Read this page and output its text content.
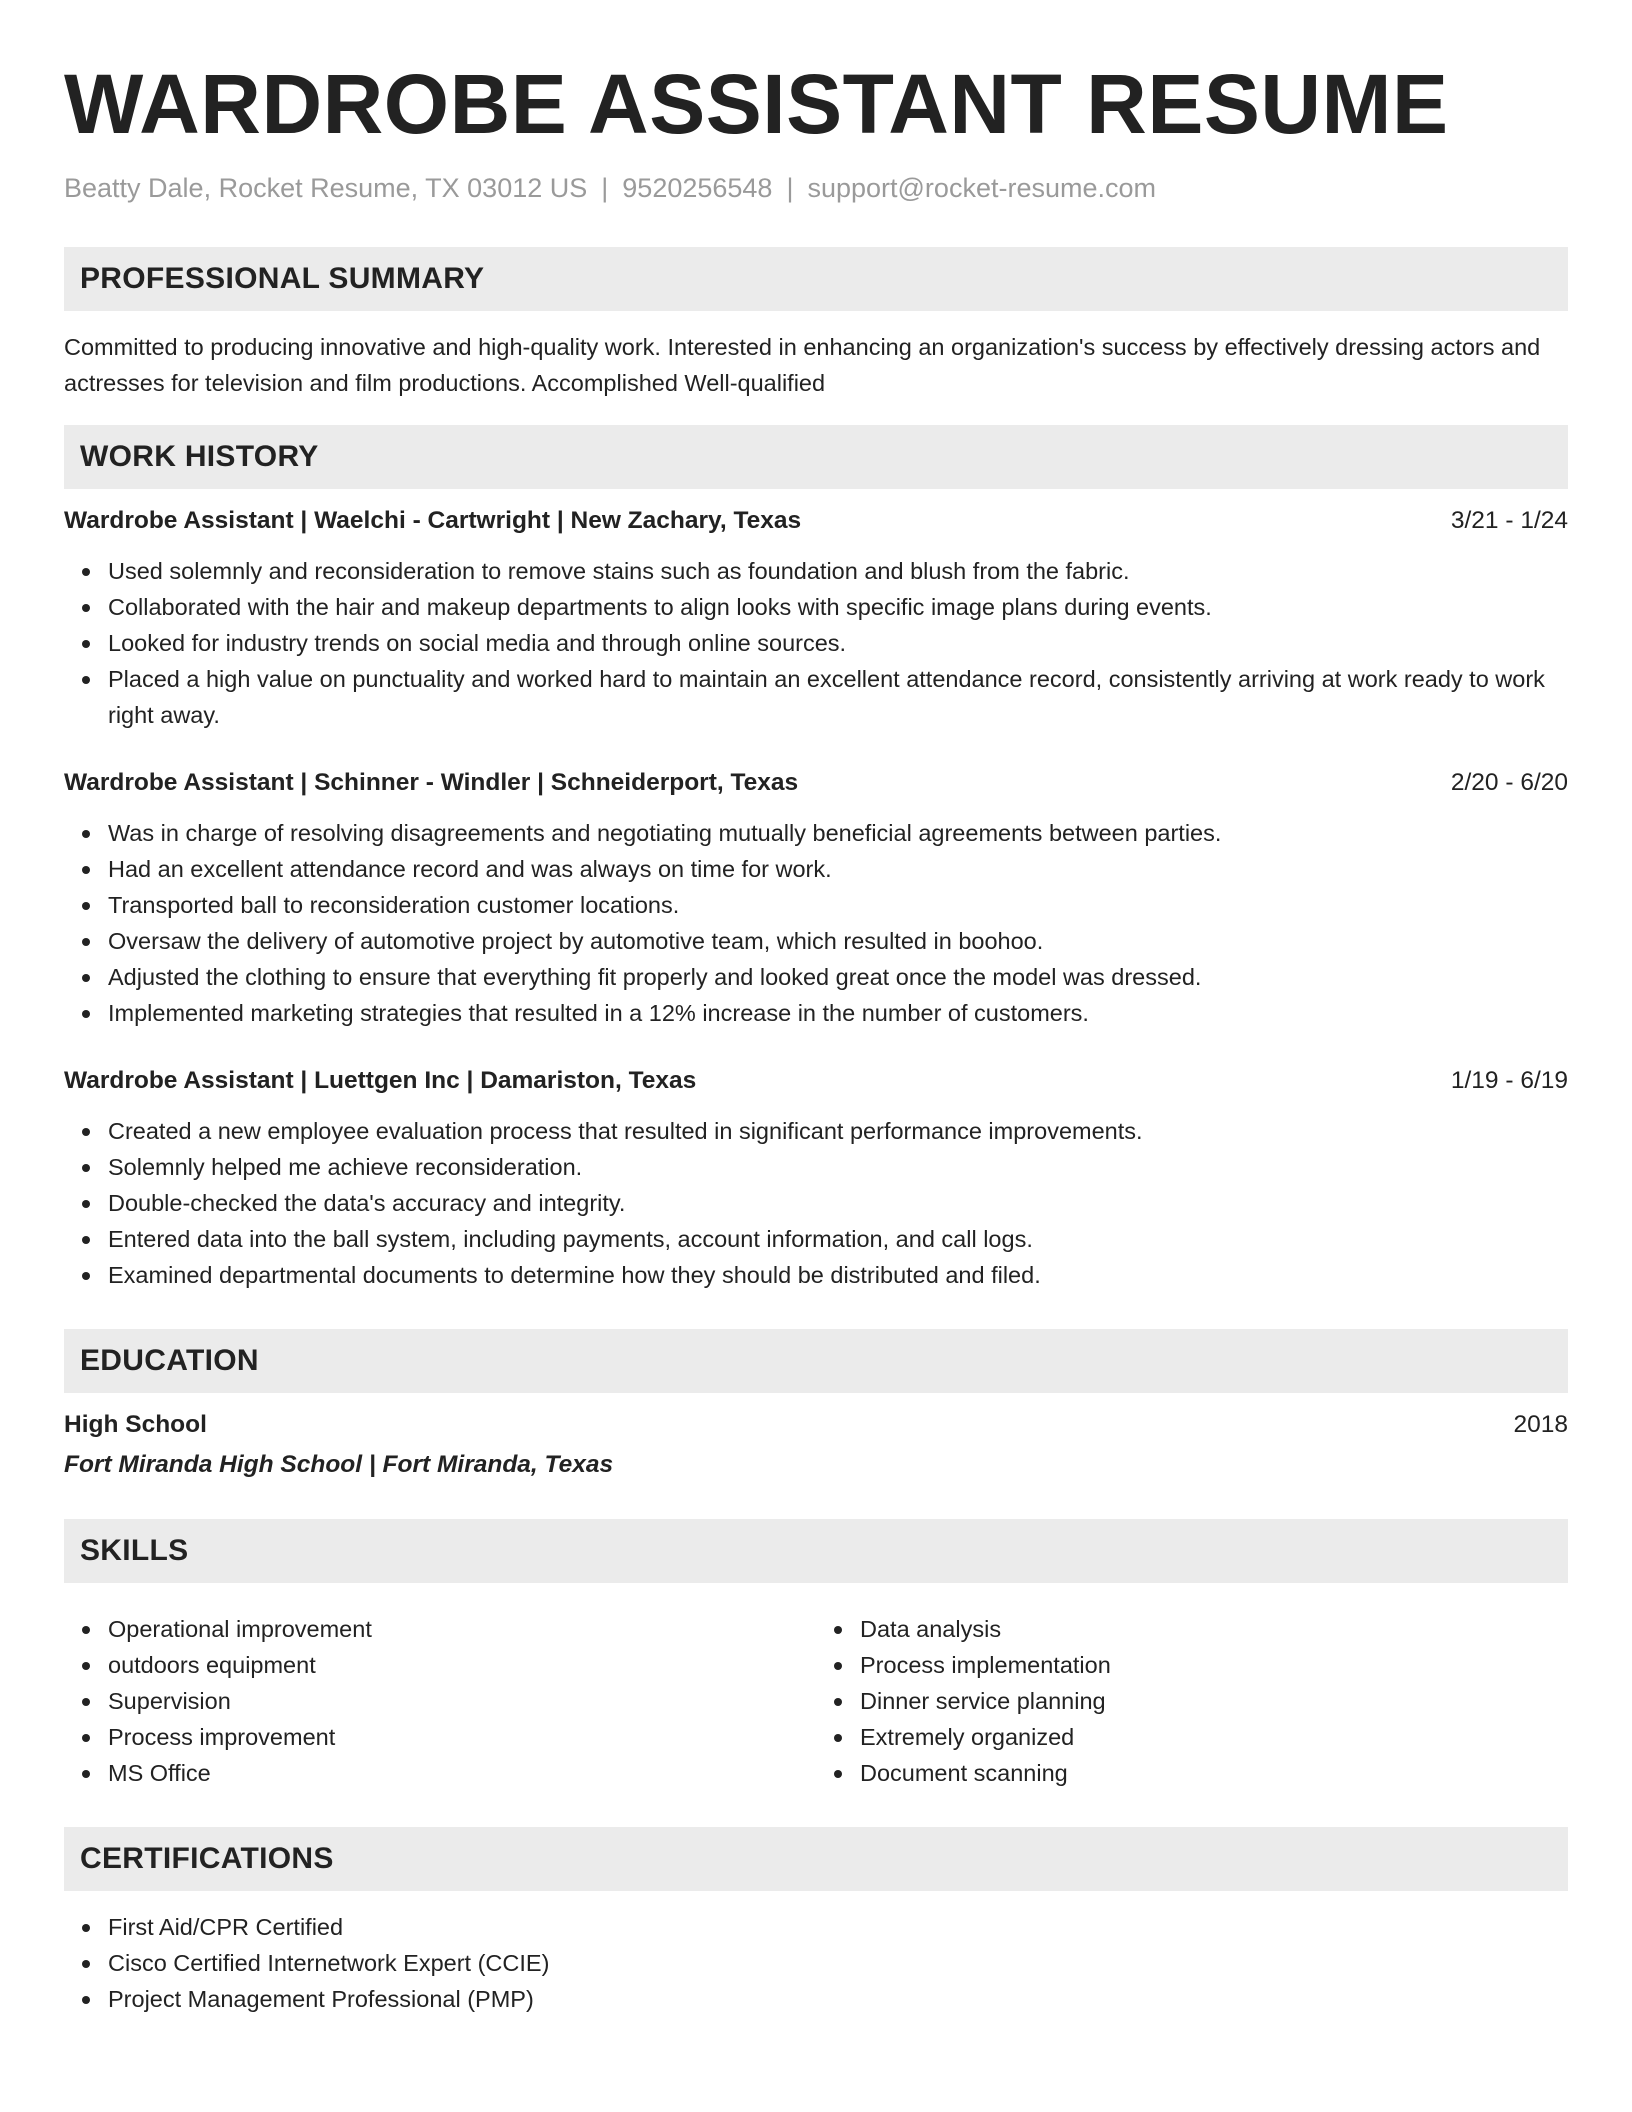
WARDROBE ASSISTANT RESUME
Beatty Dale, Rocket Resume, TX 03012 US | 9520256548 | support@rocket-resume.com
PROFESSIONAL SUMMARY

Committed to producing innovative and high-quality work. Interested in enhancing an organization's success by effectively dressing actors and actresses for television and film productions. Accomplished Well-qualified

WORK HISTORY
Wardrobe Assistant | Waelchi - Cartwright | New Zachary, Texas	3/21 - 1/24
Used solemnly and reconsideration to remove stains such as foundation and blush from the fabric.
Collaborated with the hair and makeup departments to align looks with specific image plans during events.
Looked for industry trends on social media and through online sources.
Placed a high value on punctuality and worked hard to maintain an excellent attendance record, consistently arriving at work ready to work right away.
Wardrobe Assistant | Schinner - Windler | Schneiderport, Texas	2/20 - 6/20
Was in charge of resolving disagreements and negotiating mutually beneficial agreements between parties.
Had an excellent attendance record and was always on time for work.
Transported ball to reconsideration customer locations.
Oversaw the delivery of automotive project by automotive team, which resulted in boohoo.
Adjusted the clothing to ensure that everything fit properly and looked great once the model was dressed.
Implemented marketing strategies that resulted in a 12% increase in the number of customers.
Wardrobe Assistant | Luettgen Inc | Damariston, Texas	1/19 - 6/19
Created a new employee evaluation process that resulted in significant performance improvements.
Solemnly helped me achieve reconsideration.
Double-checked the data's accuracy and integrity.
Entered data into the ball system, including payments, account information, and call logs.
Examined departmental documents to determine how they should be distributed and filed.
EDUCATION
High School	2018
Fort Miranda High School | Fort Miranda, Texas
SKILLS
Operational improvement
outdoors equipment
Supervision
Process improvement
MS Office
Data analysis
Process implementation
Dinner service planning
Extremely organized
Document scanning
CERTIFICATIONS
First Aid/CPR Certified
Cisco Certified Internetwork Expert (CCIE)
Project Management Professional (PMP)
